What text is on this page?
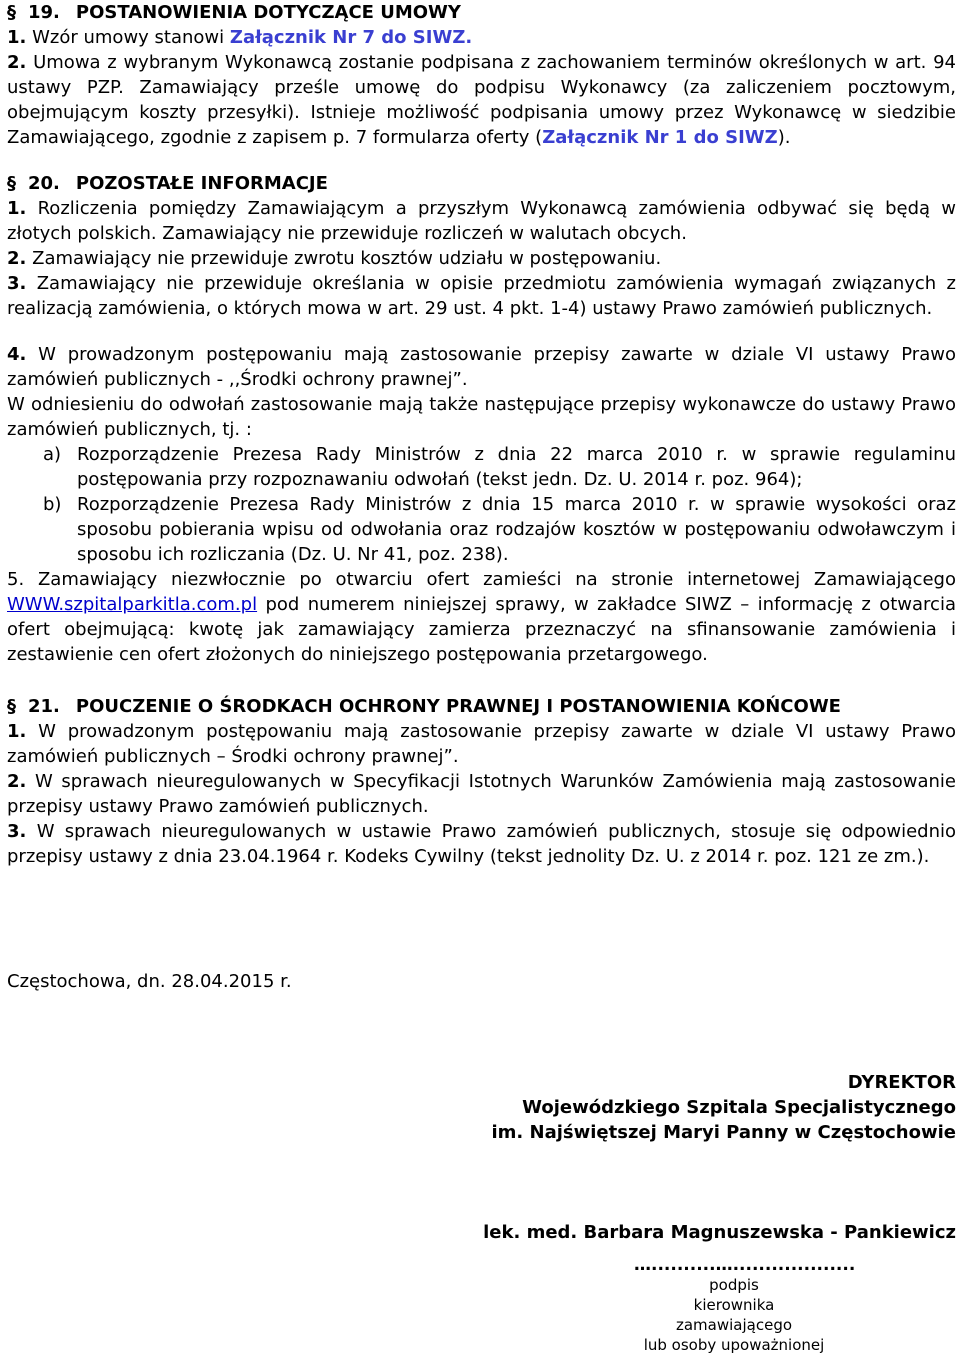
§ 19. POSTANOWIENIA DOTYCZĄCE UMOWY

1. Wzór umowy stanowi Załącznik Nr 7 do SIWZ.

2. Umowa z wybranym Wykonawcą zostanie podpisana z zachowaniem terminów określonych w art. 94 ustawy PZP. Zamawiający prześle umowę do podpisu Wykonawcy (za zaliczeniem pocztowym, obejmującym koszty przesyłki). Istnieje możliwość podpisania umowy przez Wykonawcę w siedzibie Zamawiającego, zgodnie z zapisem p. 7 formularza oferty (Załącznik Nr 1 do SIWZ).

§ 20. POZOSTAŁE INFORMACJE

1. Rozliczenia pomiędzy Zamawiającym a przyszłym Wykonawcą zamówienia odbywać się będą w złotych polskich. Zamawiający nie przewiduje rozliczeń w walutach obcych.

2. Zamawiający nie przewiduje zwrotu kosztów udziału w postępowaniu.

3. Zamawiający nie przewiduje określania w opisie przedmiotu zamówienia wymagań związanych z realizacją zamówienia, o których mowa w art. 29 ust. 4 pkt. 1-4) ustawy Prawo zamówień publicznych.

4. W prowadzonym postępowaniu mają zastosowanie przepisy zawarte w dziale VI ustawy Prawo zamówień publicznych - ,,Środki ochrony prawnej”.

W odniesieniu do odwołań zastosowanie mają także następujące przepisy wykonawcze do ustawy Prawo zamówień publicznych, tj. :

a) Rozporządzenie Prezesa Rady Ministrów z dnia 22 marca 2010 r. w sprawie regulaminu postępowania przy rozpoznawaniu odwołań (tekst jedn. Dz. U. 2014 r. poz. 964);
b) Rozporządzenie Prezesa Rady Ministrów z dnia 15 marca 2010 r. w sprawie wysokości oraz sposobu pobierania wpisu od odwołania oraz rodzajów kosztów w postępowaniu odwoławczym i sposobu ich rozliczania (Dz. U. Nr 41, poz. 238).

5. Zamawiający niezwłocznie po otwarciu ofert zamieści na stronie internetowej Zamawiającego WWW.szpitalparkitla.com.pl pod numerem niniejszej sprawy, w zakładce SIWZ – informację z otwarcia ofert obejmującą: kwotę jak zamawiający zamierza przeznaczyć na sfinansowanie zamówienia i zestawienie cen ofert złożonych do niniejszego postępowania przetargowego.

§ 21. POUCZENIE O ŚRODKACH OCHRONY PRAWNEJ I POSTANOWIENIA KOŃCOWE

1. W prowadzonym postępowaniu mają zastosowanie przepisy zawarte w dziale VI ustawy Prawo zamówień publicznych – Środki ochrony prawnej”.

2. W sprawach nieuregulowanych w Specyfikacji Istotnych Warunków Zamówienia mają zastosowanie przepisy ustawy Prawo zamówień publicznych.

3. W sprawach nieuregulowanych w ustawie Prawo zamówień publicznych, stosuje się odpowiednio przepisy ustawy z dnia 23.04.1964 r. Kodeks Cywilny (tekst jednolity Dz. U. z 2014 r. poz. 121 ze zm.).

Częstochowa, dn. 28.04.2015 r.

DYREKTOR

Wojewódzkiego Szpitala Specjalistycznego

im. Najświętszej Maryi Panny w Częstochowie

lek. med. Barbara Magnuszewska - Pankiewicz

…..........…...................
podpis
kierownika zamawiającego
lub osoby upoważnionej
